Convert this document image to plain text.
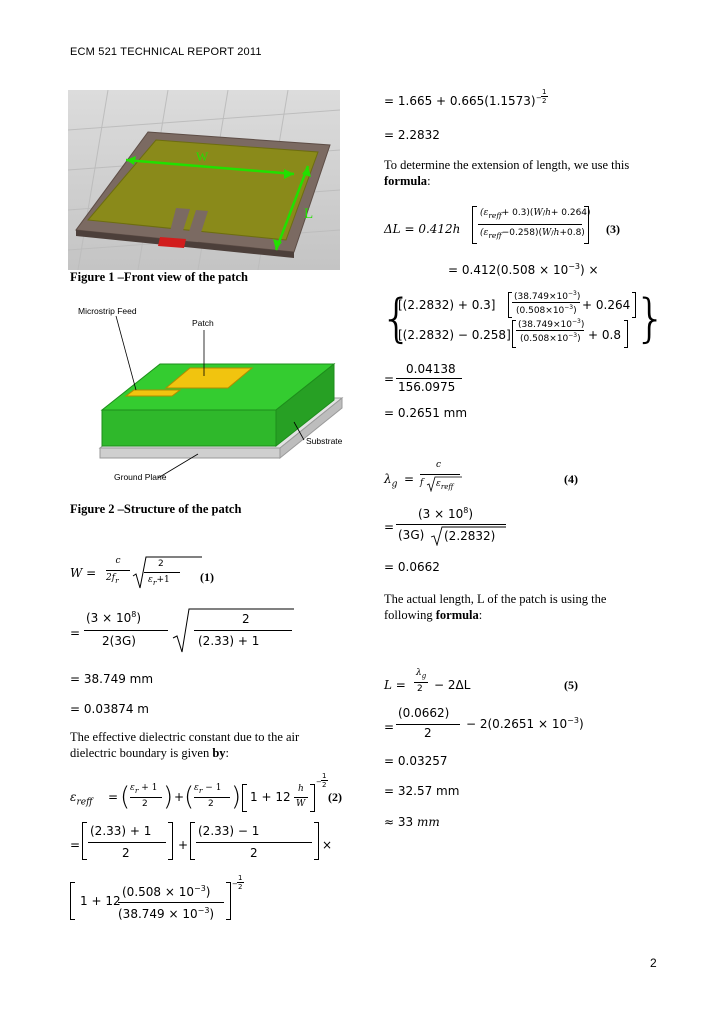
ECM 521 TECHNICAL REPORT 2011
W
L
Figure 1 –Front view of the patch
Microstrip Feed
Patch
Substrate
Ground Plane
Figure 2 –Structure of the patch
W =
c
$2f_r$
2
$\varepsilon_r+1$	(1)
=
$(3 \times 10^8)$
2(3G)
2
(2.33) + 1
= 38.749 mm
= 0.03874 m
The effective dielectric constant due to the air
dielectric boundary is given by:
$\varepsilon_{reff}$ = ( $\varepsilon_r + 1$
2 ) + ( $\varepsilon_r - 1$
2 ) 1 + 12
h
W
−
1
2
(2)
=
(2.33) + 1
2
+
(2.33) − 1
2
×
1 + 12
$(0.508 \times 10^{-3})$
$(38.749 \times 10^{-3})$
−
1
2
= 1.665 + 0.665(1.1573) −
1
2
= 2.2832
To determine the extension of length, we use this
formula:
ΔL = 0.412h
$(\varepsilon_{reff}+ 0.3)(W/h+ 0.264)$
$(\varepsilon_{reff}-0.258)(W/h+0.8)$ (3)
= $0.412(0.508 \times 10^{-3})$ ×
{
[(2.2832) + 0.3]
$(38.749\times 10^{-3})$
$(0.508\times 10^{-3}) + 0.264$
[(2.2832) − 0.258]
$(38.749\times 10^{-3})$
$(0.508\times 10^{-3}) + 0.8$ }
=
0.04138
156.0975
= 0.2651 mm
$\lambda_g$ =
c
f $\varepsilon_{reff}$
(4)
=
$(3 \times 10^8)$
(3G) (2.2832)
= 0.0662
The actual length, L of the patch is using the
following formula:
L =
$\lambda_g$
2 − 2ΔL	(5)
=
(0.0662)
2
− $2(0.2651 \times 10^{-3})$
= 0.03257
= 32.57 mm
≈ 33 mm
2
